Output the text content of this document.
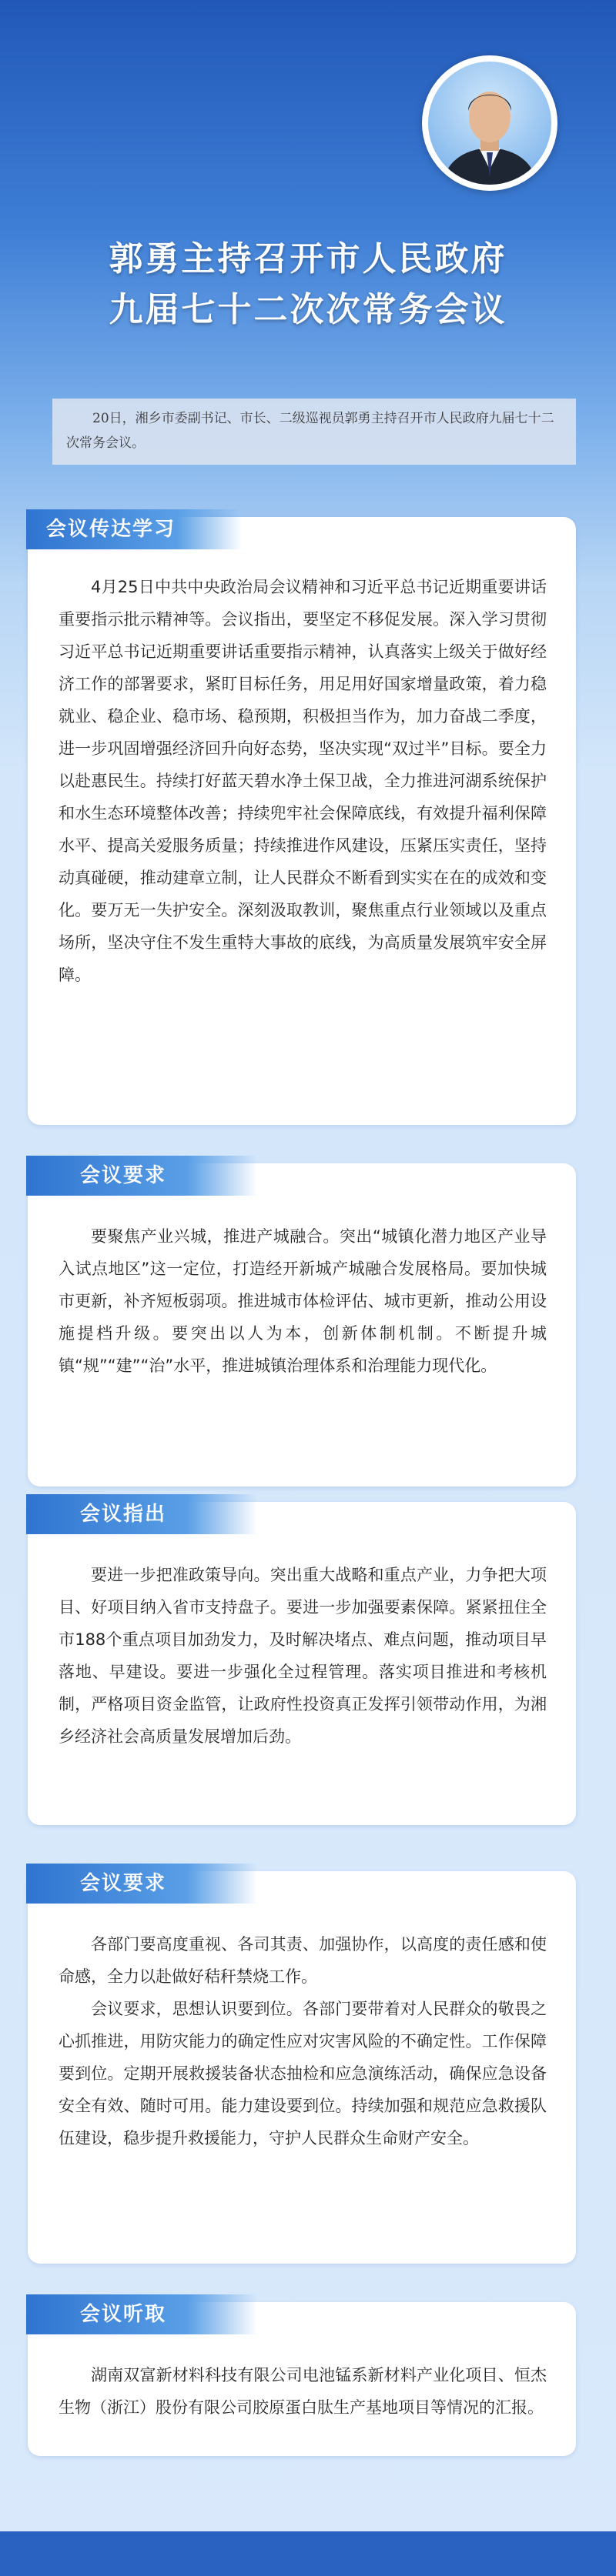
郭勇主持召开市人民政府
九届七十二次次常务会议
20日，湘乡市委副书记、市长、二级巡视员郭勇主持召开市人民政府九届七十二次常务会议。
会议传达学习

4月25日中共中央政治局会议精神和习近平总书记近期重要讲话重要指示批示精神等。会议指出，要坚定不移促发展。深入学习贯彻习近平总书记近期重要讲话重要指示精神，认真落实上级关于做好经济工作的部署要求，紧盯目标任务，用足用好国家增量政策，着力稳就业、稳企业、稳市场、稳预期，积极担当作为，加力奋战二季度，进一步巩固增强经济回升向好态势，坚决实现“双过半”目标。要全力以赴惠民生。持续打好蓝天碧水净土保卫战，全力推进河湖系统保护和水生态环境整体改善；持续兜牢社会保障底线，有效提升福利保障水平、提高关爱服务质量；持续推进作风建设，压紧压实责任，坚持动真碰硬，推动建章立制，让人民群众不断看到实实在在的成效和变化。要万无一失护安全。深刻汲取教训，聚焦重点行业领域以及重点场所，坚决守住不发生重特大事故的底线，为高质量发展筑牢安全屏障。

会议要求

要聚焦产业兴城，推进产城融合。突出“城镇化潜力地区产业导入试点地区”这一定位，打造经开新城产城融合发展格局。要加快城市更新，补齐短板弱项。推进城市体检评估、城市更新，推动公用设施提档升级。要突出以人为本，创新体制机制。不断提升城镇“规”“建”“治”水平，推进城镇治理体系和治理能力现代化。

会议指出

要进一步把准政策导向。突出重大战略和重点产业，力争把大项目、好项目纳入省市支持盘子。要进一步加强要素保障。紧紧扭住全市188个重点项目加劲发力，及时解决堵点、难点问题，推动项目早落地、早建设。要进一步强化全过程管理。落实项目推进和考核机制，严格项目资金监管，让政府性投资真正发挥引领带动作用，为湘乡经济社会高质量发展增加后劲。

会议要求

各部门要高度重视、各司其责、加强协作，以高度的责任感和使命感，全力以赴做好秸秆禁烧工作。

会议要求，思想认识要到位。各部门要带着对人民群众的敬畏之心抓推进，用防灾能力的确定性应对灾害风险的不确定性。工作保障要到位。定期开展救援装备状态抽检和应急演练活动，确保应急设备安全有效、随时可用。能力建设要到位。持续加强和规范应急救援队伍建设，稳步提升救援能力，守护人民群众生命财产安全。

会议听取

湖南双富新材料科技有限公司电池锰系新材料产业化项目、恒杰生物（浙江）股份有限公司胶原蛋白肽生产基地项目等情况的汇报。
